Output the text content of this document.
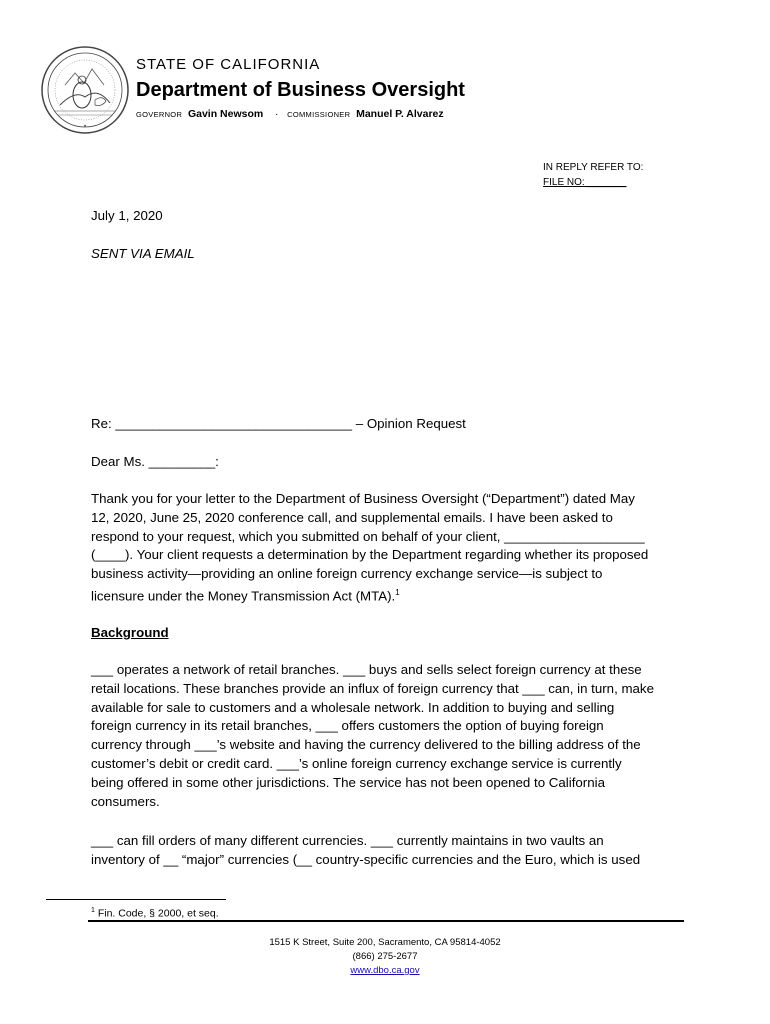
★
STATE OF CALIFORNIA
Department of Business Oversight
GOVERNOR Gavin Newsom · COMMISSIONER Manuel P. Alvarez
IN REPLY REFER TO:
FILE NO: _______
July 1, 2020
SENT VIA EMAIL
Re: ________________________________ – Opinion Request
Dear Ms. _________:
Thank you for your letter to the Department of Business Oversight (“Department”) dated May
12, 2020, June 25, 2020 conference call, and supplemental emails. I have been asked to
respond to your request, which you submitted on behalf of your client, ___________________
(____). Your client requests a determination by the Department regarding whether its proposed
business activity—providing an online foreign currency exchange service—is subject to
licensure under the Money Transmission Act (MTA).$^1$
Background
___ operates a network of retail branches. ___ buys and sells select foreign currency at these
retail locations. These branches provide an influx of foreign currency that ___ can, in turn, make
available for sale to customers and a wholesale network. In addition to buying and selling
foreign currency in its retail branches, ___ offers customers the option of buying foreign
currency through ___’s website and having the currency delivered to the billing address of the
customer’s debit or credit card. ___’s online foreign currency exchange service is currently
being offered in some other jurisdictions. The service has not been opened to California
consumers.
___ can fill orders of many different currencies. ___ currently maintains in two vaults an
inventory of __ “major” currencies (__ country-specific currencies and the Euro, which is used
$^1$ Fin. Code, § 2000, et seq.
1515 K Street, Suite 200, Sacramento, CA 95814-4052
(866) 275-2677
www.dbo.ca.gov
